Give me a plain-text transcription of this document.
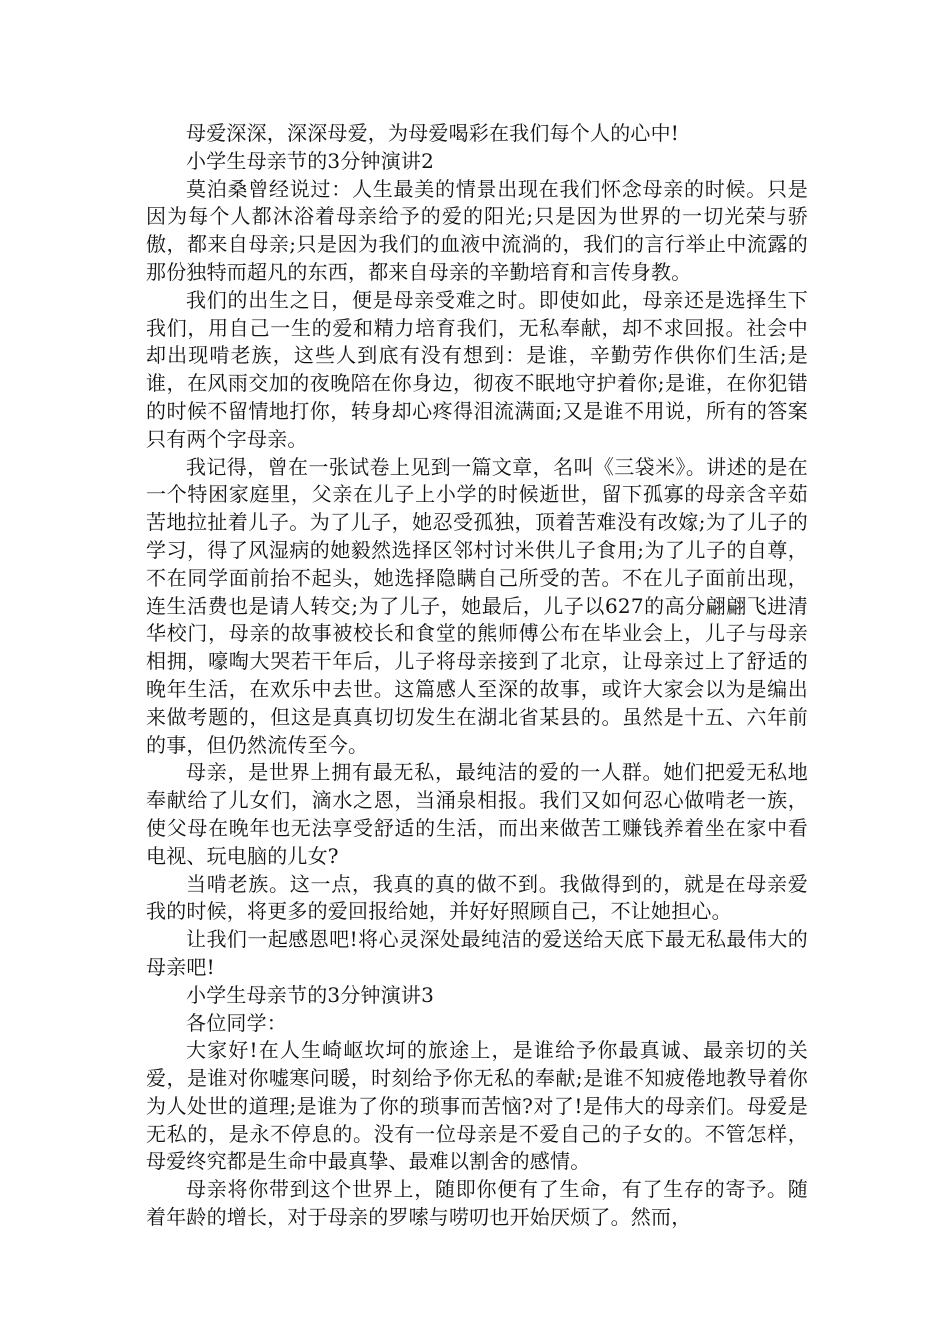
母爱深深，深深母爱，为母爱喝彩在我们每个人的心中!

小学生母亲节的3分钟演讲2

莫泊桑曾经说过：人生最美的情景出现在我们怀念母亲的时候。只是因为每个人都沐浴着母亲给予的爱的阳光;只是因为世界的一切光荣与骄傲，都来自母亲;只是因为我们的血液中流淌的，我们的言行举止中流露的那份独特而超凡的东西，都来自母亲的辛勤培育和言传身教。

我们的出生之日，便是母亲受难之时。即使如此，母亲还是选择生下我们，用自己一生的爱和精力培育我们，无私奉献，却不求回报。社会中却出现啃老族，这些人到底有没有想到：是谁，辛勤劳作供你们生活;是谁，在风雨交加的夜晚陪在你身边，彻夜不眠地守护着你;是谁，在你犯错的时候不留情地打你，转身却心疼得泪流满面;又是谁不用说，所有的答案只有两个字母亲。

我记得，曾在一张试卷上见到一篇文章，名叫《三袋米》。讲述的是在一个特困家庭里，父亲在儿子上小学的时候逝世，留下孤寡的母亲含辛茹苦地拉扯着儿子。为了儿子，她忍受孤独，顶着苦难没有改嫁;为了儿子的学习，得了风湿病的她毅然选择区邻村讨米供儿子食用;为了儿子的自尊，不在同学面前抬不起头，她选择隐瞒自己所受的苦。不在儿子面前出现，连生活费也是请人转交;为了儿子，她最后，儿子以627的高分翩翩飞进清华校门，母亲的故事被校长和食堂的熊师傅公布在毕业会上，儿子与母亲相拥，嚎啕大哭若干年后，儿子将母亲接到了北京，让母亲过上了舒适的晚年生活，在欢乐中去世。这篇感人至深的故事，或许大家会以为是编出来做考题的，但这是真真切切发生在湖北省某县的。虽然是十五、六年前的事，但仍然流传至今。

母亲，是世界上拥有最无私，最纯洁的爱的一人群。她们把爱无私地奉献给了儿女们，滴水之恩，当涌泉相报。我们又如何忍心做啃老一族，使父母在晚年也无法享受舒适的生活，而出来做苦工赚钱养着坐在家中看电视、玩电脑的儿女?

当啃老族。这一点，我真的真的做不到。我做得到的，就是在母亲爱我的时候，将更多的爱回报给她，并好好照顾自己，不让她担心。

让我们一起感恩吧!将心灵深处最纯洁的爱送给天底下最无私最伟大的母亲吧!

小学生母亲节的3分钟演讲3

各位同学：

大家好!在人生崎岖坎坷的旅途上，是谁给予你最真诚、最亲切的关爱，是谁对你嘘寒问暖，时刻给予你无私的奉献;是谁不知疲倦地教导着你为人处世的道理;是谁为了你的琐事而苦恼?对了!是伟大的母亲们。母爱是无私的，是永不停息的。没有一位母亲是不爱自己的子女的。不管怎样，母爱终究都是生命中最真挚、最难以割舍的感情。

母亲将你带到这个世界上，随即你便有了生命，有了生存的寄予。随着年龄的增长，对于母亲的罗嗦与唠叨也开始厌烦了。然而，
